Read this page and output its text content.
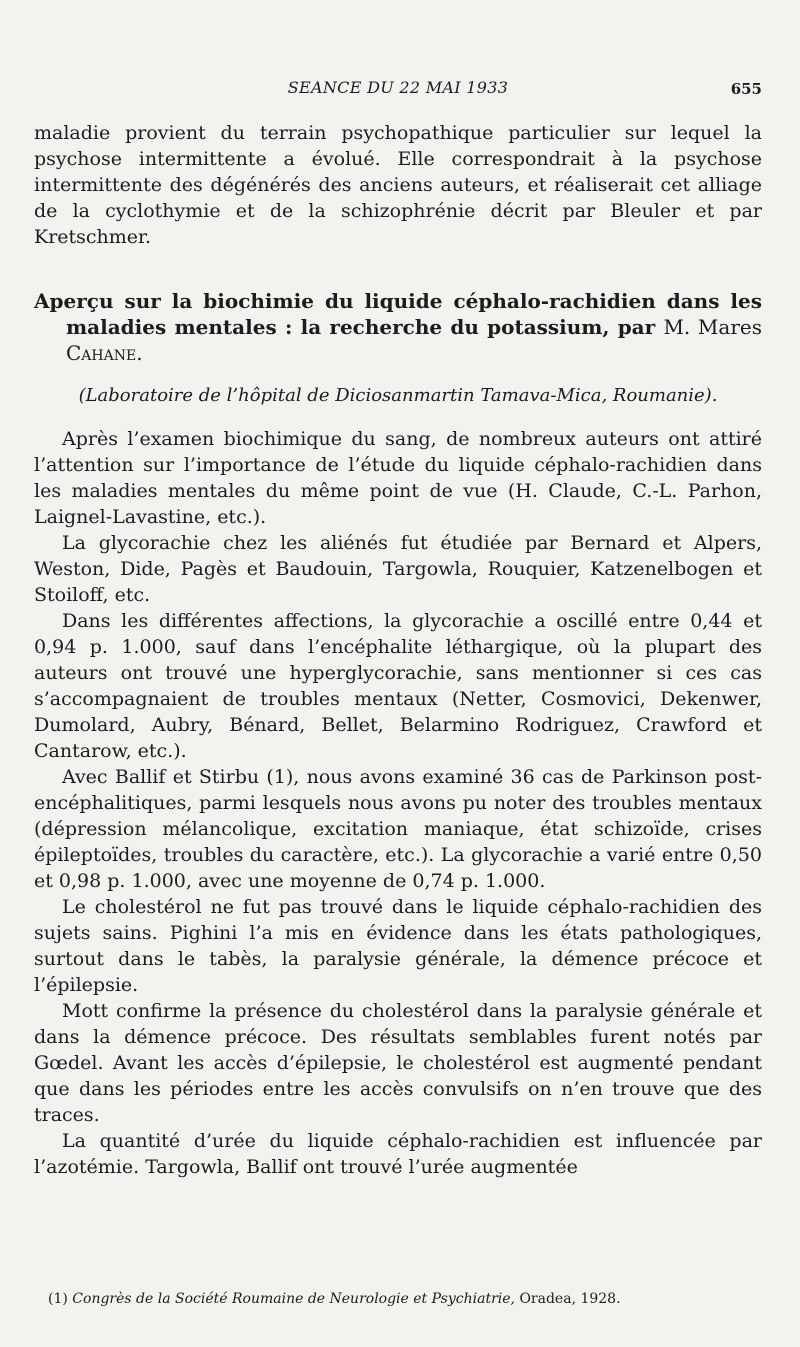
SEANCE DU 22 MAI 1933	655

maladie provient du terrain psychopathique particulier sur lequel la psychose intermittente a évolué. Elle correspondrait à la psychose intermittente des dégénérés des anciens auteurs, et réaliserait cet alliage de la cyclothymie et de la schizophrénie décrit par Bleuler et par Kretschmer.

Aperçu sur la biochimie du liquide céphalo-rachidien dans les maladies mentales : la recherche du potassium, par M. Mares Cahane.

(Laboratoire de l’hôpital de Diciosanmartin Tamava-Mica, Roumanie).

Après l’examen biochimique du sang, de nombreux auteurs ont attiré l’attention sur l’importance de l’étude du liquide céphalo-rachidien dans les maladies mentales du même point de vue (H. Claude, C.-L. Parhon, Laignel-Lavastine, etc.).

La glycorachie chez les aliénés fut étudiée par Bernard et Alpers, Weston, Dide, Pagès et Baudouin, Targowla, Rouquier, Katzenelbogen et Stoiloff, etc.

Dans les différentes affections, la glycorachie a oscillé entre 0,44 et 0,94 p. 1.000, sauf dans l’encéphalite léthargique, où la plupart des auteurs ont trouvé une hyperglycorachie, sans mentionner si ces cas s’accompagnaient de troubles mentaux (Netter, Cosmovici, Dekenwer, Dumolard, Aubry, Bénard, Bellet, Belarmino Rodriguez, Crawford et Cantarow, etc.).

Avec Ballif et Stirbu (1), nous avons examiné 36 cas de Parkinson post-encéphalitiques, parmi lesquels nous avons pu noter des troubles mentaux (dépression mélancolique, excitation maniaque, état schizoïde, crises épileptoïdes, troubles du caractère, etc.). La glycorachie a varié entre 0,50 et 0,98 p. 1.000, avec une moyenne de 0,74 p. 1.000.

Le cholestérol ne fut pas trouvé dans le liquide céphalo-rachidien des sujets sains. Pighini l’a mis en évidence dans les états pathologiques, surtout dans le tabès, la paralysie générale, la démence précoce et l’épilepsie.

Mott confirme la présence du cholestérol dans la paralysie générale et dans la démence précoce. Des résultats semblables furent notés par Gœdel. Avant les accès d’épilepsie, le cholestérol est augmenté pendant que dans les périodes entre les accès convulsifs on n’en trouve que des traces.

La quantité d’urée du liquide céphalo-rachidien est influencée par l’azotémie. Targowla, Ballif ont trouvé l’urée augmentée

(1) Congrès de la Société Roumaine de Neurologie et Psychiatrie, Oradea, 1928.
